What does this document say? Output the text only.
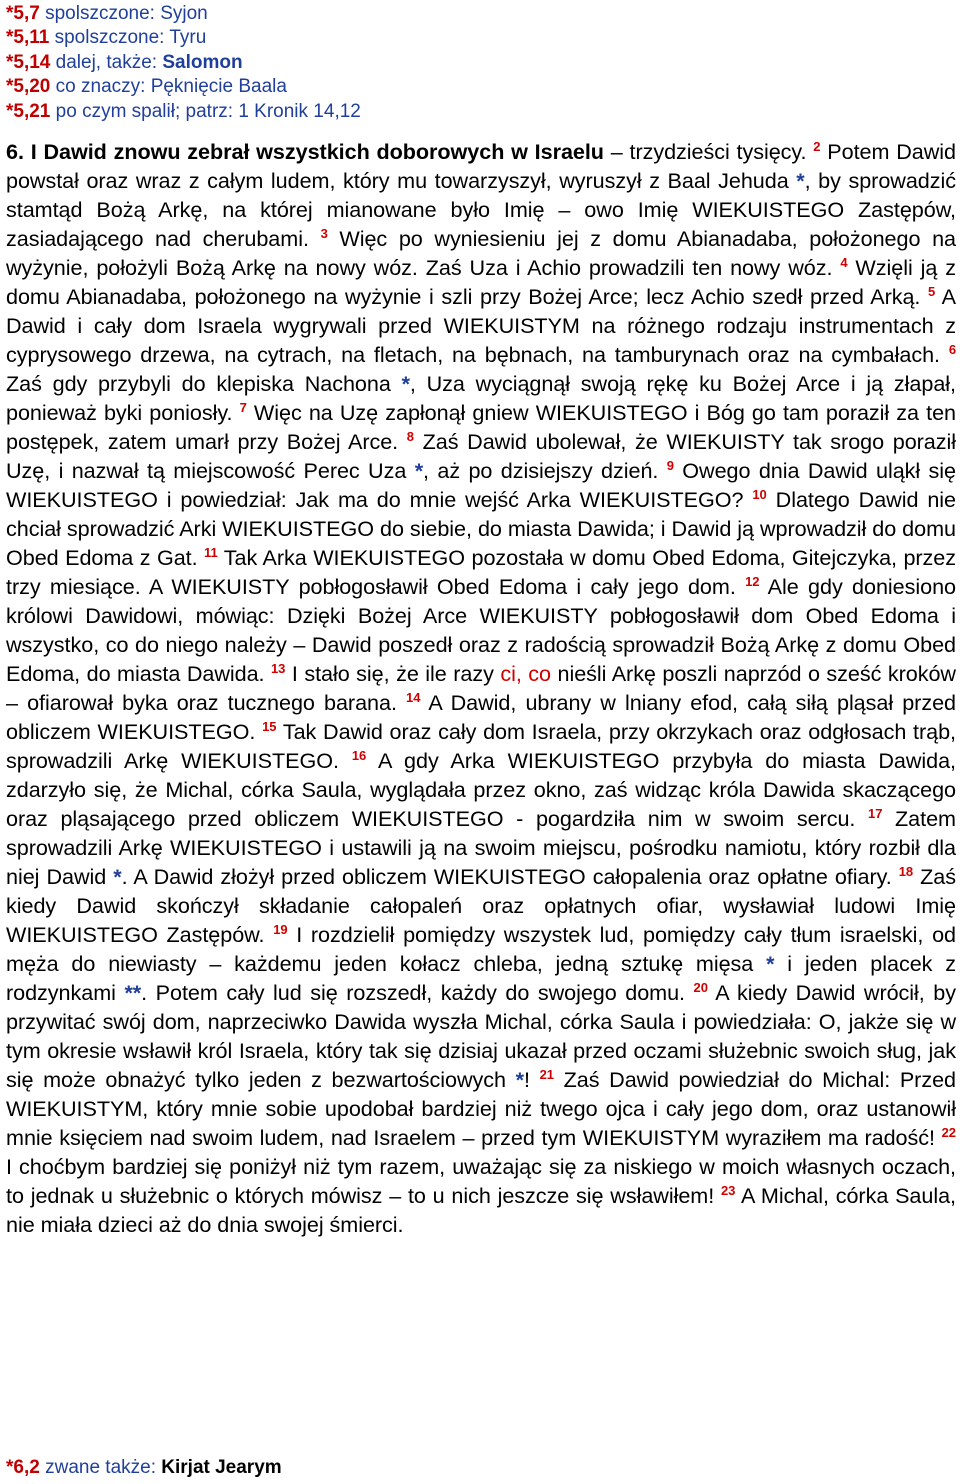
*5,7 spolszczone: Syjon

*5,11 spolszczone: Tyru

*5,14 dalej, także: Salomon

*5,20 co znaczy: Pęknięcie Baala

*5,21 po czym spalił; patrz: 1 Kronik 14,12

6. I Dawid znowu zebrał wszystkich doborowych w Israelu – trzydzieści tysięcy. $^2$ Potem Dawid powstał oraz wraz z całym ludem, który mu towarzyszył, wyruszył z Baal Jehuda *, by sprowadzić stamtąd Bożą Arkę, na której mianowane było Imię – owo Imię WIEKUISTEGO Zastępów, zasiadającego nad cherubami. $^3$ Więc po wyniesieniu jej z domu Abianadaba, położonego na wyżynie, położyli Bożą Arkę na nowy wóz. Zaś Uza i Achio prowadzili ten nowy wóz. $^4$ Wzięli ją z domu Abianadaba, położonego na wyżynie i szli przy Bożej Arce; lecz Achio szedł przed Arką. $^5$ A Dawid i cały dom Israela wygrywali przed WIEKUISTYM na różnego rodzaju instrumentach z cyprysowego drzewa, na cytrach, na fletach, na bębnach, na tamburynach oraz na cymbałach. $^6$ Zaś gdy przybyli do klepiska Nachona *, Uza wyciągnął swoją rękę ku Bożej Arce i ją złapał, ponieważ byki poniosły. $^7$ Więc na Uzę zapłonął gniew WIEKUISTEGO i Bóg go tam poraził za ten postępek, zatem umarł przy Bożej Arce. $^8$ Zaś Dawid ubolewał, że WIEKUISTY tak srogo poraził Uzę, i nazwał tą miejscowość Perec Uza *, aż po dzisiejszy dzień. $^9$ Owego dnia Dawid uląkł się WIEKUISTEGO i powiedział: Jak ma do mnie wejść Arka WIEKUISTEGO? $^{10}$ Dlatego Dawid nie chciał sprowadzić Arki WIEKUISTEGO do siebie, do miasta Dawida; i Dawid ją wprowadził do domu Obed Edoma z Gat. $^{11}$ Tak Arka WIEKUISTEGO pozostała w domu Obed Edoma, Gitejczyka, przez trzy miesiące. A WIEKUISTY pobłogosławił Obed Edoma i cały jego dom. $^{12}$ Ale gdy doniesiono królowi Dawidowi, mówiąc: Dzięki Bożej Arce WIEKUISTY pobłogosławił dom Obed Edoma i wszystko, co do niego należy – Dawid poszedł oraz z radością sprowadził Bożą Arkę z domu Obed Edoma, do miasta Dawida. $^{13}$ I stało się, że ile razy ci, co nieśli Arkę poszli naprzód o sześć kroków – ofiarował byka oraz tucznego barana. $^{14}$ A Dawid, ubrany w lniany efod, całą siłą pląsał przed obliczem WIEKUISTEGO. $^{15}$ Tak Dawid oraz cały dom Israela, przy okrzykach oraz odgłosach trąb, sprowadzili Arkę WIEKUISTEGO. $^{16}$ A gdy Arka WIEKUISTEGO przybyła do miasta Dawida, zdarzyło się, że Michal, córka Saula, wyglądała przez okno, zaś widząc króla Dawida skaczącego oraz pląsającego przed obliczem WIEKUISTEGO - pogardziła nim w swoim sercu. $^{17}$ Zatem sprowadzili Arkę WIEKUISTEGO i ustawili ją na swoim miejscu, pośrodku namiotu, który rozbił dla niej Dawid *. A Dawid złożył przed obliczem WIEKUISTEGO całopalenia oraz opłatne ofiary. $^{18}$ Zaś kiedy Dawid skończył składanie całopaleń oraz opłatnych ofiar, wysławiał ludowi Imię WIEKUISTEGO Zastępów. $^{19}$ I rozdzielił pomiędzy wszystek lud, pomiędzy cały tłum israelski, od męża do niewiasty – każdemu jeden kołacz chleba, jedną sztukę mięsa * i jeden placek z rodzynkami **. Potem cały lud się rozszedł, każdy do swojego domu. $^{20}$ A kiedy Dawid wrócił, by przywitać swój dom, naprzeciwko Dawida wyszła Michal, córka Saula i powiedziała: O, jakże się w tym okresie wsławił król Israela, który tak się dzisiaj ukazał przed oczami służebnic swoich sług, jak się może obnażyć tylko jeden z bezwartościowych *! $^{21}$ Zaś Dawid powiedział do Michal: Przed WIEKUISTYM, który mnie sobie upodobał bardziej niż twego ojca i cały jego dom, oraz ustanowił mnie księciem nad swoim ludem, nad Israelem – przed tym WIEKUISTYM wyraziłem ma radość! $^{22}$ I choćbym bardziej się poniżył niż tym razem, uważając się za niskiego w moich własnych oczach, to jednak u służebnic o których mówisz – to u nich jeszcze się wsławiłem! $^{23}$ A Michal, córka Saula, nie miała dzieci aż do dnia swojej śmierci.

*6,2 zwane także: Kirjat Jearym
